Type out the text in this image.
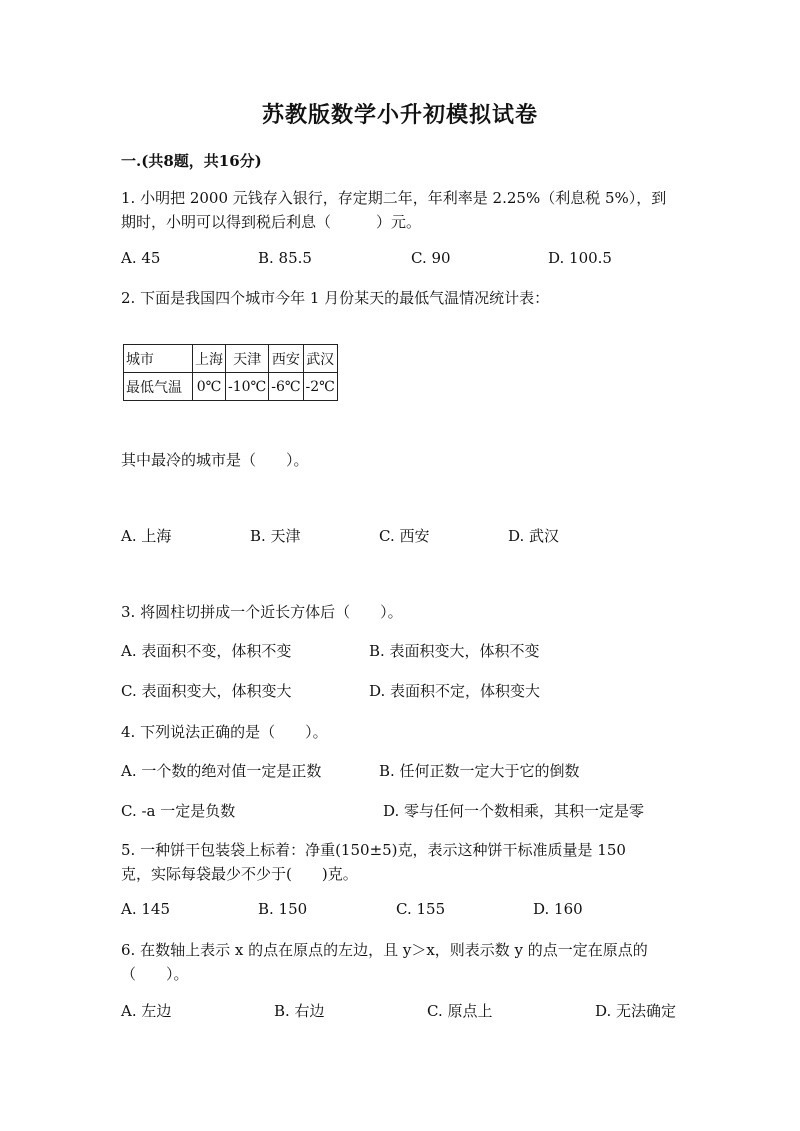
苏教版数学小升初模拟试卷
一.(共8题，共16分)
1. 小明把 2000 元钱存入银行，存定期二年，年利率是 2.25%（利息税 5%），到
期时，小明可以得到税后利息（　　　）元。
A. 45	B. 85.5	C. 90	D. 100.5
2. 下面是我国四个城市今年 1 月份某天的最低气温情况统计表：
城市	上海	天津	西安	武汉
最低气温	0℃	-10℃	-6℃	-2℃
其中最冷的城市是（　　）。
A. 上海	B. 天津	C. 西安	D. 武汉
3. 将圆柱切拼成一个近长方体后（　　）。
A. 表面积不变，体积不变	B. 表面积变大，体积不变
C. 表面积变大，体积变大	D. 表面积不定，体积变大
4. 下列说法正确的是（　　）。
A. 一个数的绝对值一定是正数	B. 任何正数一定大于它的倒数
C. -a 一定是负数	D. 零与任何一个数相乘，其积一定是零
5. 一种饼干包装袋上标着：净重(150±5)克，表示这种饼干标准质量是 150
克，实际每袋最少不少于(　　)克。
A. 145	B. 150	C. 155	D. 160
6. 在数轴上表示 x 的点在原点的左边，且 y＞x，则表示数 y 的点一定在原点的
（　　）。
A. 左边	B. 右边	C. 原点上	D. 无法确定
